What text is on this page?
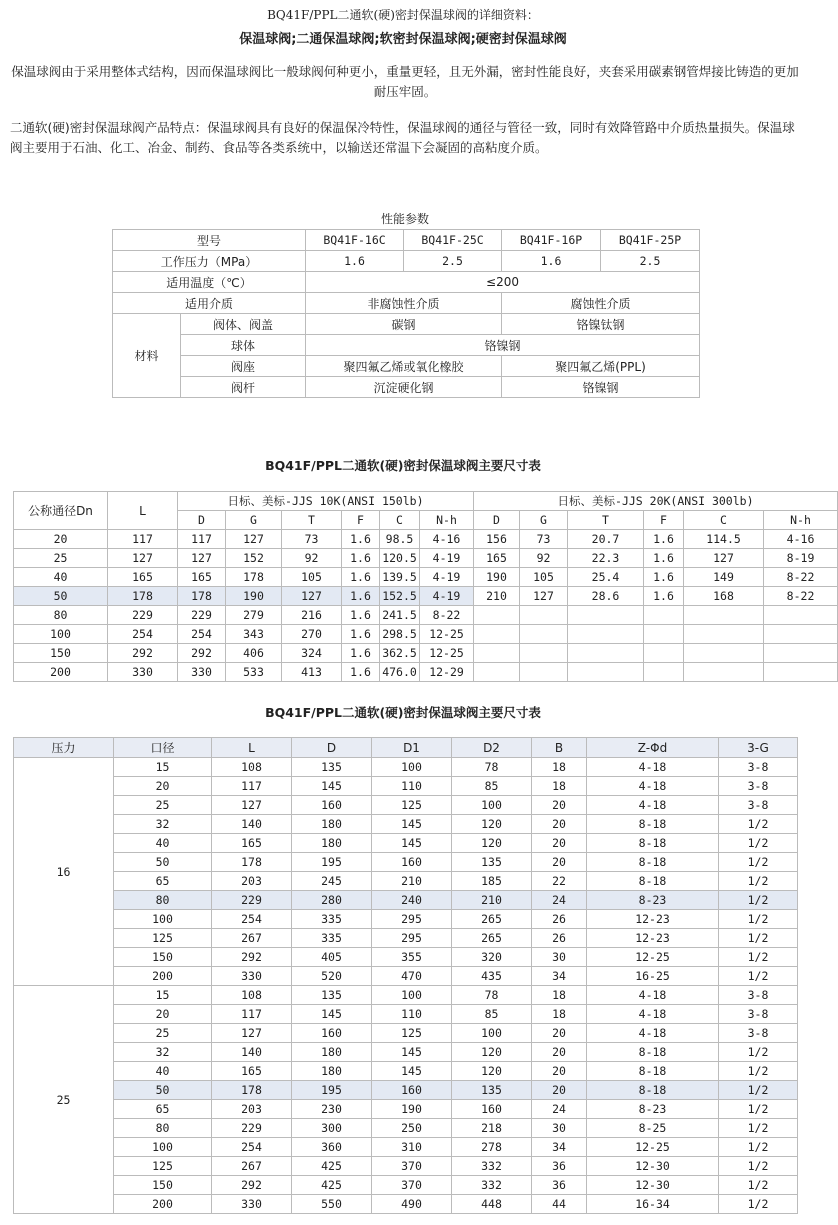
BQ41F/PPL二通软(硬)密封保温球阀的详细资料：
保温球阀;二通保温球阀;软密封保温球阀;硬密封保温球阀
保温球阀由于采用整体式结构，因而保温球阀比一般球阀何种更小，重量更轻，且无外漏，密封性能良好，夹套采用碳素钢管焊接比铸造的更加耐压牢固。
二通软(硬)密封保温球阀产品特点：保温球阀具有良好的保温保冷特性，保温球阀的通径与管径一致，同时有效降管路中介质热量损失。保温球阀主要用于石油、化工、冶金、制药、食品等各类系统中，以输送还常温下会凝固的高粘度介质。
性能参数
型号		BQ41F-16C	BQ41F-25C	BQ41F-16P	BQ41F-25P
工作压力（MPa）		1.6	2.5	1.6	2.5
适用温度（℃）		≤200			
适用介质		非腐蚀性介质		腐蚀性介质	
材料	阀体、阀盖	碳钢		铬镍钛钢	
	球体	铬镍钢			
	阀座	聚四氟乙烯或氧化橡胶		聚四氟乙烯(PPL)	
	阀杆	沉淀硬化钢		铬镍钢	
BQ41F/PPL二通软(硬)密封保温球阀主要尺寸表
公称通径Dn	L	日标、美标-JJS 10K(ANSI 150lb)						日标、美标-JJS 20K(ANSI 300lb)					
		D	G	T	F	C	N-h	D	G	T	F	C	N-h
20	117	117	127	73	1.6	98.5	4-16	156	73	20.7	1.6	114.5	4-16
25	127	127	152	92	1.6	120.5	4-19	165	92	22.3	1.6	127	8-19
40	165	165	178	105	1.6	139.5	4-19	190	105	25.4	1.6	149	8-22
50	178	178	190	127	1.6	152.5	4-19	210	127	28.6	1.6	168	8-22
80	229	229	279	216	1.6	241.5	8-22						
100	254	254	343	270	1.6	298.5	12-25						
150	292	292	406	324	1.6	362.5	12-25						
200	330	330	533	413	1.6	476.0	12-29						
BQ41F/PPL二通软(硬)密封保温球阀主要尺寸表
压力	口径	L	D	D1	D2	B	Z-Φd	3-G
16	15	108	135	100	78	18	4-18	3-8
	20	117	145	110	85	18	4-18	3-8
	25	127	160	125	100	20	4-18	3-8
	32	140	180	145	120	20	8-18	1/2
	40	165	180	145	120	20	8-18	1/2
	50	178	195	160	135	20	8-18	1/2
	65	203	245	210	185	22	8-18	1/2
	80	229	280	240	210	24	8-23	1/2
	100	254	335	295	265	26	12-23	1/2
	125	267	335	295	265	26	12-23	1/2
	150	292	405	355	320	30	12-25	1/2
	200	330	520	470	435	34	16-25	1/2
25	15	108	135	100	78	18	4-18	3-8
	20	117	145	110	85	18	4-18	3-8
	25	127	160	125	100	20	4-18	3-8
	32	140	180	145	120	20	8-18	1/2
	40	165	180	145	120	20	8-18	1/2
	50	178	195	160	135	20	8-18	1/2
	65	203	230	190	160	24	8-23	1/2
	80	229	300	250	218	30	8-25	1/2
	100	254	360	310	278	34	12-25	1/2
	125	267	425	370	332	36	12-30	1/2
	150	292	425	370	332	36	12-30	1/2
	200	330	550	490	448	44	16-34	1/2
